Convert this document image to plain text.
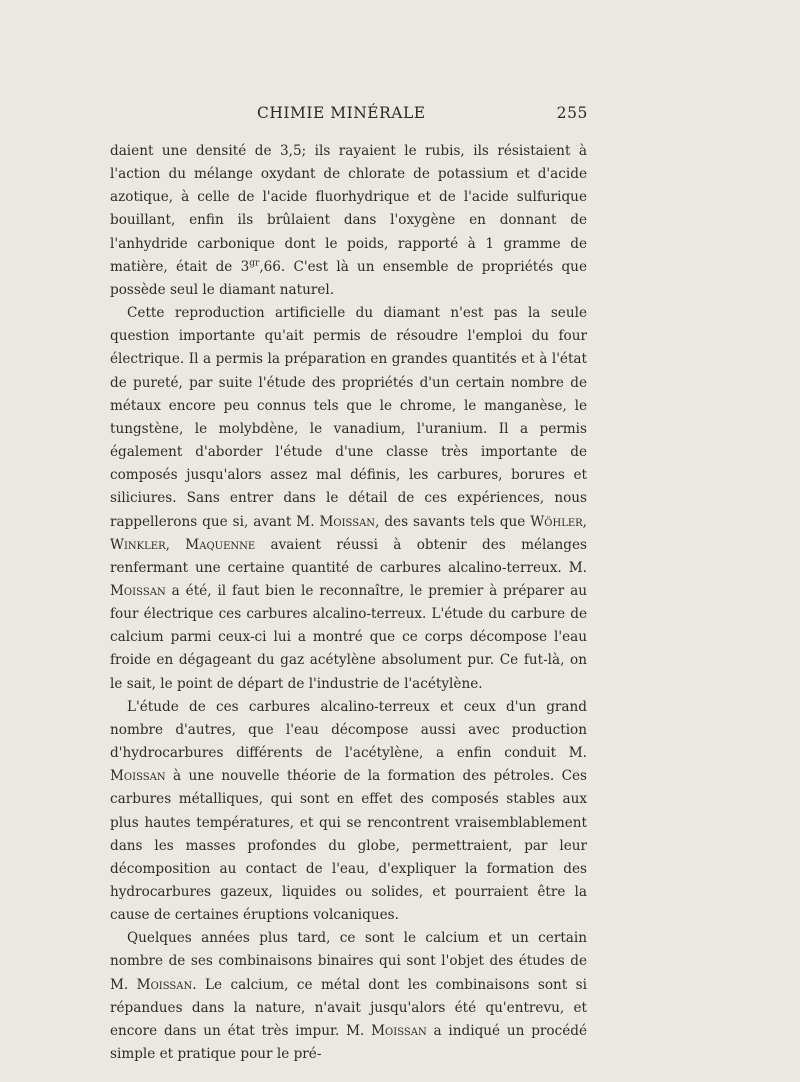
CHIMIE MINÉRALE	255

daient une densité de 3,5; ils rayaient le rubis, ils résistaient à l'action du mélange oxydant de chlorate de potassium et d'acide azotique, à celle de l'acide fluorhydrique et de l'acide sulfurique bouillant, enfin ils brûlaient dans l'oxygène en donnant de l'anhydride carbonique dont le poids, rapporté à 1 gramme de matière, était de $3^{gr},66$. C'est là un ensemble de propriétés que possède seul le diamant naturel.

Cette reproduction artificielle du diamant n'est pas la seule question importante qu'ait permis de résoudre l'emploi du four électrique. Il a permis la préparation en grandes quantités et à l'état de pureté, par suite l'étude des propriétés d'un certain nombre de métaux encore peu connus tels que le chrome, le manganèse, le tungstène, le molybdène, le vanadium, l'uranium. Il a permis également d'aborder l'étude d'une classe très importante de composés jusqu'alors assez mal définis, les carbures, borures et siliciures. Sans entrer dans le détail de ces expériences, nous rappellerons que si, avant M. Moissan, des savants tels que Wöhler, Winkler, Maquenne avaient réussi à obtenir des mélanges renfermant une certaine quantité de carbures alcalino-terreux. M. Moissan a été, il faut bien le reconnaître, le premier à préparer au four électrique ces carbures alcalino-terreux. L'étude du carbure de calcium parmi ceux-ci lui a montré que ce corps décompose l'eau froide en dégageant du gaz acétylène absolument pur. Ce fut-là, on le sait, le point de départ de l'industrie de l'acétylène.

L'étude de ces carbures alcalino-terreux et ceux d'un grand nombre d'autres, que l'eau décompose aussi avec production d'hydrocarbures différents de l'acétylène, a enfin conduit M. Moissan à une nouvelle théorie de la formation des pétroles. Ces carbures métalliques, qui sont en effet des composés stables aux plus hautes températures, et qui se rencontrent vraisemblablement dans les masses profondes du globe, permettraient, par leur décomposition au contact de l'eau, d'expliquer la formation des hydrocarbures gazeux, liquides ou solides, et pourraient être la cause de certaines éruptions volcaniques.

Quelques années plus tard, ce sont le calcium et un certain nombre de ses combinaisons binaires qui sont l'objet des études de M. Moissan. Le calcium, ce métal dont les combinaisons sont si répandues dans la nature, n'avait jusqu'alors été qu'entrevu, et encore dans un état très impur. M. Moissan a indiqué un procédé simple et pratique pour le pré-
